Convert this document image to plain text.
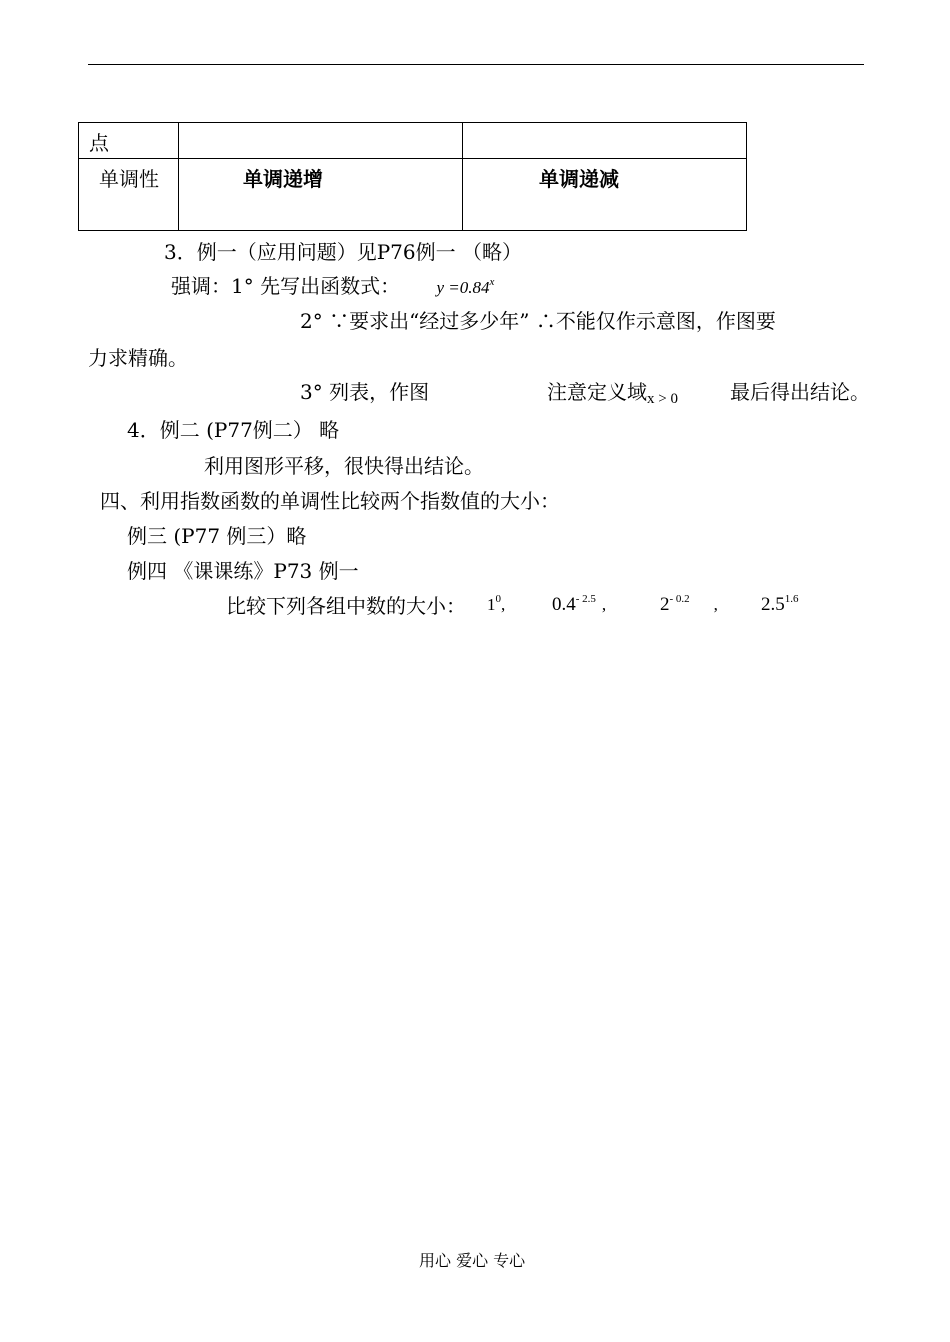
点		

单调性	单调递增	单调递减
3．例一（应用问题）见P76例一 （略）
强调：1° 先写出函数式： $y =0.84^x$
2° ∵要求出“经过多少年” ∴不能仅作示意图，作图要
力求精确。
3° 列表，作图	注意定义域$_{x > 0}$	最后得出结论。
4．例二 (P77例二） 略
利用图形平移，很快得出结论。
四、利用指数函数的单调性比较两个指数值的大小：
例三 (P77 例三）略
例四 《课课练》P73 例一
比较下列各组中数的大小： $1^0$, $0.4^{- 2.5}$ ,	$2^{- 0.2}$ , $2.5^{1.6}$
用心 爱心 专心
